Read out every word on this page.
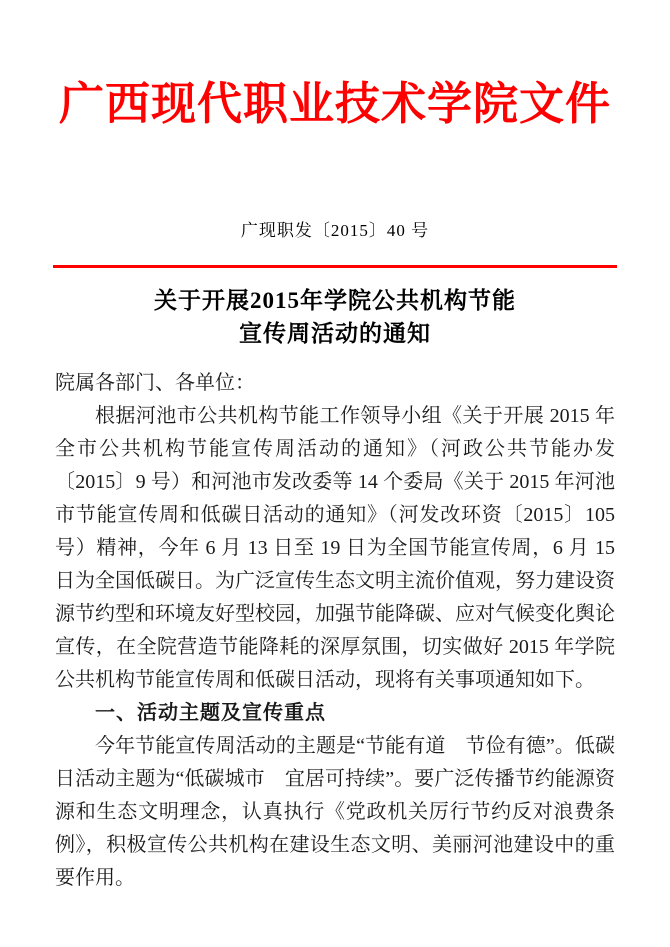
广西现代职业技术学院文件
广现职发〔2015〕40 号
关于开展2015年学院公共机构节能
宣传周活动的通知

院属各部门、各单位：

根据河池市公共机构节能工作领导小组《关于开展 2015 年全市公共机构节能宣传周活动的通知》（河政公共节能办发〔2015〕9 号）和河池市发改委等 14 个委局《关于 2015 年河池市节能宣传周和低碳日活动的通知》（河发改环资〔2015〕105 号）精神，今年 6 月 13 日至 19 日为全国节能宣传周，6 月 15 日为全国低碳日。为广泛宣传生态文明主流价值观，努力建设资源节约型和环境友好型校园，加强节能降碳、应对气候变化舆论宣传，在全院营造节能降耗的深厚氛围，切实做好 2015 年学院公共机构节能宣传周和低碳日活动，现将有关事项通知如下。

一、活动主题及宣传重点

今年节能宣传周活动的主题是“节能有道　节俭有德”。低碳日活动主题为“低碳城市　宜居可持续”。要广泛传播节约能源资源和生态文明理念，认真执行《党政机关厉行节约反对浪费条例》，积极宣传公共机构在建设生态文明、美丽河池建设中的重要作用。
